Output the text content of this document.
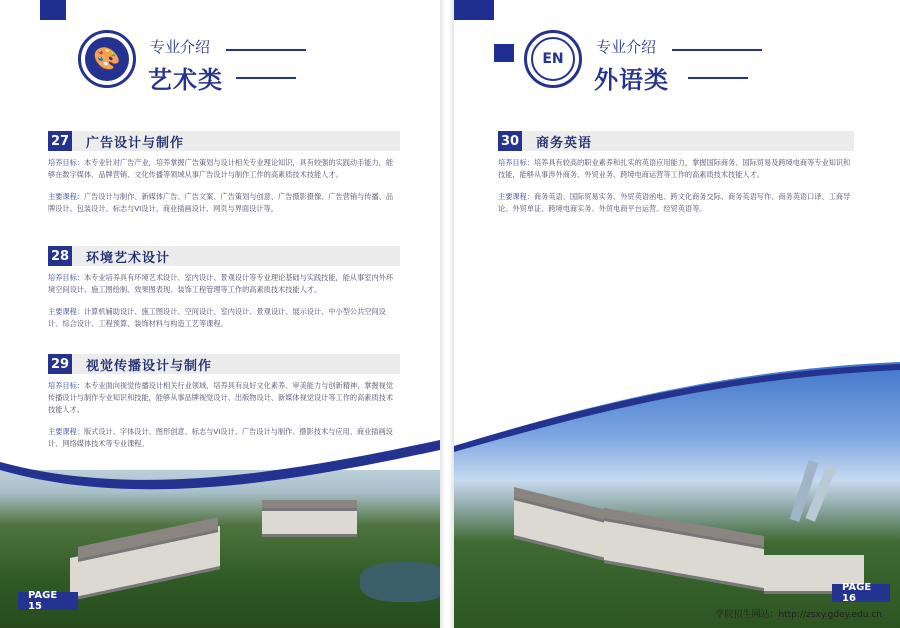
🎨	专业介绍
艺术类
27 广告设计与制作
培养目标：本专业针对广告产业，培养掌握广告策划与设计相关专业理论知识，具有较强的实践动手能力，能够在数字媒体、品牌营销、文化传播等领域从事广告设计与制作工作的高素质技术技能人才。
主要课程：广告设计与制作、新媒体广告、广告文案、广告策划与创意、广告摄影摄像、广告营销与传播、品牌设计、包装设计、标志与VI设计、商业插画设计、网页与界面设计等。
28 环境艺术设计
培养目标：本专业培养具有环境艺术设计、室内设计、景观设计等专业理论基础与实践技能，能从事室内外环境空间设计、施工图绘制、效果图表现、装饰工程管理等工作的高素质技术技能人才。
主要课程：计算机辅助设计、施工图设计、空间设计、室内设计、景观设计、展示设计、中小型公共空间设计、综合设计、工程预算、装饰材料与构造工艺等课程。
29 视觉传播设计与制作
培养目标：本专业面向视觉传播设计相关行业领域，培养具有良好文化素养、审美能力与创新精神，掌握视觉传播设计与制作专业知识和技能，能够从事品牌视觉设计、出版物设计、新媒体视觉设计等工作的高素质技术技能人才。
主要课程：版式设计、字体设计、图形创意、标志与VI设计、广告设计与制作、摄影技术与应用、商业插画设计、网络媒体技术等专业课程。
PAGE 15
EN
专业介绍
外语类
30 商务英语
培养目标：培养具有较高的职业素养和扎实的英语应用能力，掌握国际商务、国际贸易及跨境电商等专业知识和技能，能够从事涉外商务、外贸业务、跨境电商运营等工作的高素质技术技能人才。
主要课程：商务英语、国际贸易实务、外贸英语函电、跨文化商务交际、商务英语写作、商务英语口译、工商导论、外贸单证、跨境电商实务、外贸电商平台运营、经贸英语等。
PAGE 16
学院招生网站：http://zsxy.gdey.edu.cn
